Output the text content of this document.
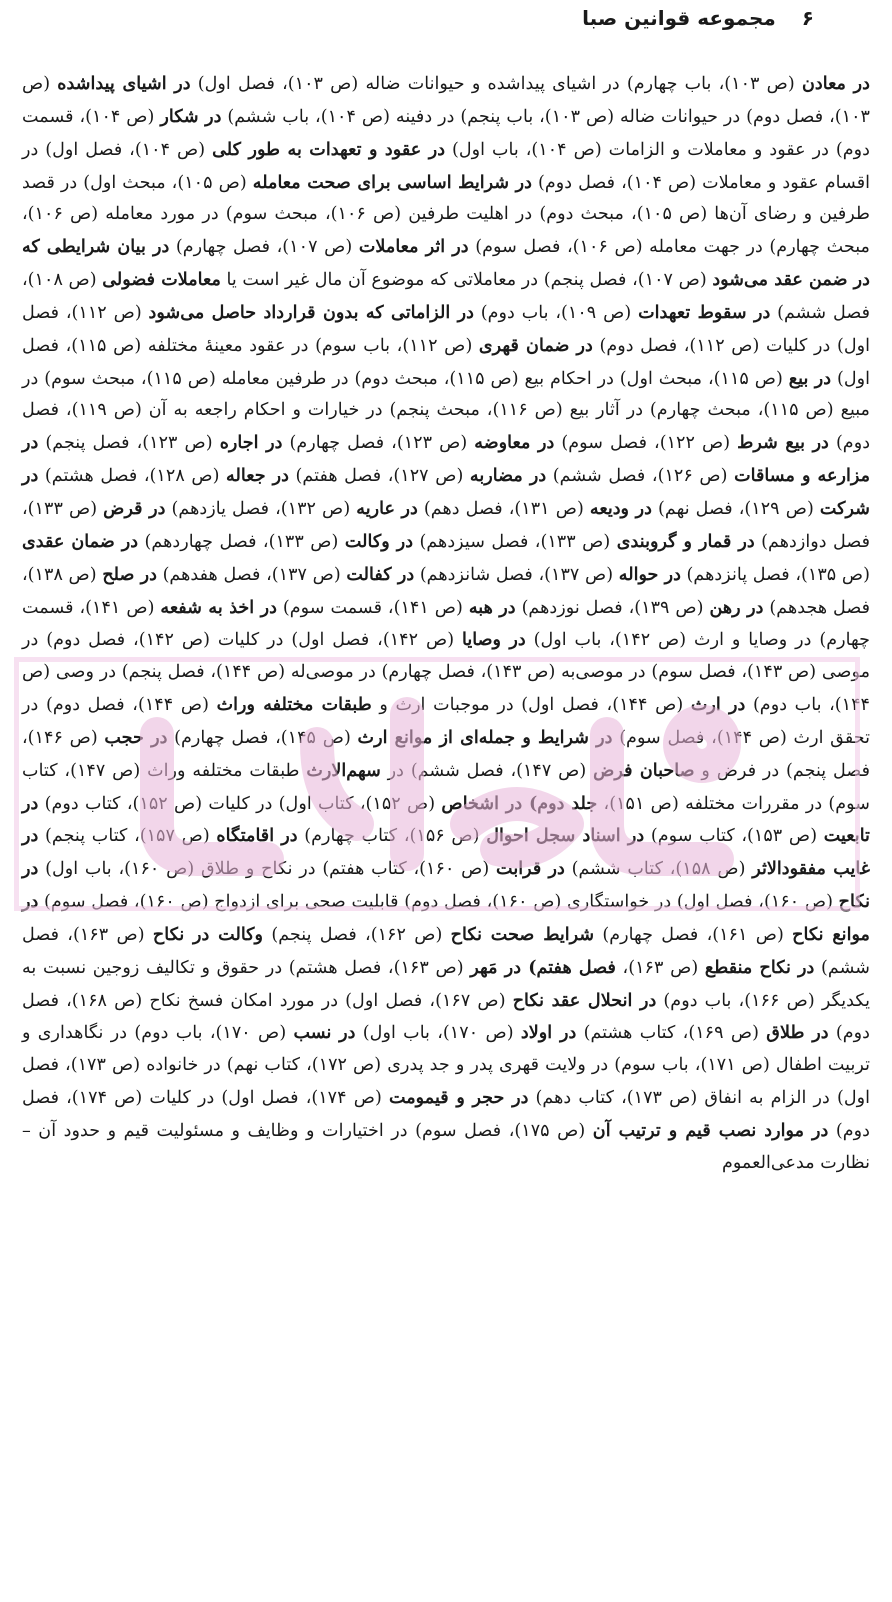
۶
مجموعه قوانین صبا

در معادن (ص ۱۰۳)، باب چهارم) در اشیای پیداشده و حیوانات ضاله (ص ۱۰۳)، فصل اول) در اشیای پیداشده (ص ۱۰۳)، فصل دوم) در حیوانات ضاله (ص ۱۰۳)، باب پنجم) در دفینه (ص ۱۰۴)، باب ششم) در شکار (ص ۱۰۴)، قسمت دوم) در عقود و معاملات و الزامات (ص ۱۰۴)، باب اول) در عقود و تعهدات به طور کلی (ص ۱۰۴)، فصل اول) در اقسام عقود و معاملات (ص ۱۰۴)، فصل دوم) در شرایط اساسی برای صحت معامله (ص ۱۰۵)، مبحث اول) در قصد طرفین و رضای آن‌ها (ص ۱۰۵)، مبحث دوم) در اهلیت طرفین (ص ۱۰۶)، مبحث سوم) در مورد معامله (ص ۱۰۶)، مبحث چهارم) در جهت معامله (ص ۱۰۶)، فصل سوم) در اثر معاملات (ص ۱۰۷)، فصل چهارم) در بیان شرایطی که در ضمن عقد می‌شود (ص ۱۰۷)، فصل پنجم) در معاملاتی که موضوع آن مال غیر است یا معاملات فضولی (ص ۱۰۸)، فصل ششم) در سقوط تعهدات (ص ۱۰۹)، باب دوم) در الزاماتی که بدون قرارداد حاصل می‌شود (ص ۱۱۲)، فصل اول) در کلیات (ص ۱۱۲)، فصل دوم) در ضمان قهری (ص ۱۱۲)، باب سوم) در عقود معینهٔ مختلفه (ص ۱۱۵)، فصل اول) در بیع (ص ۱۱۵)، مبحث اول) در احکام بیع (ص ۱۱۵)، مبحث دوم) در طرفین معامله (ص ۱۱۵)، مبحث سوم) در مبیع (ص ۱۱۵)، مبحث چهارم) در آثار بیع (ص ۱۱۶)، مبحث پنجم) در خیارات و احکام راجعه به آن (ص ۱۱۹)، فصل دوم) در بیع شرط (ص ۱۲۲)، فصل سوم) در معاوضه (ص ۱۲۳)، فصل چهارم) در اجاره (ص ۱۲۳)، فصل پنجم) در مزارعه و مساقات (ص ۱۲۶)، فصل ششم) در مضاربه (ص ۱۲۷)، فصل هفتم) در جعاله (ص ۱۲۸)، فصل هشتم) در شرکت (ص ۱۲۹)، فصل نهم) در ودیعه (ص ۱۳۱)، فصل دهم) در عاریه (ص ۱۳۲)، فصل یازدهم) در قرض (ص ۱۳۳)، فصل دوازدهم) در قمار و گروبندی (ص ۱۳۳)، فصل سیزدهم) در وکالت (ص ۱۳۳)، فصل چهاردهم) در ضمان عقدی (ص ۱۳۵)، فصل پانزدهم) در حواله (ص ۱۳۷)، فصل شانزدهم) در کفالت (ص ۱۳۷)، فصل هفدهم) در صلح (ص ۱۳۸)، فصل هجدهم) در رهن (ص ۱۳۹)، فصل نوزدهم) در هبه (ص ۱۴۱)، قسمت سوم) در اخذ به شفعه (ص ۱۴۱)، قسمت چهارم) در وصایا و ارث (ص ۱۴۲)، باب اول) در وصایا (ص ۱۴۲)، فصل اول) در کلیات (ص ۱۴۲)، فصل دوم) در موصی (ص ۱۴۳)، فصل سوم) در موصی‌به (ص ۱۴۳)، فصل چهارم) در موصی‌له (ص ۱۴۴)، فصل پنجم) در وصی (ص ۱۴۴)، باب دوم) در ارث (ص ۱۴۴)، فصل اول) در موجبات ارث و طبقات مختلفه وراث (ص ۱۴۴)، فصل دوم) در تحقق ارث (ص ۱۴۴)، فصل سوم) در شرایط و جمله‌ای از موانع ارث (ص ۱۴۵)، فصل چهارم) در حجب (ص ۱۴۶)، فصل پنجم) در فرض و صاحبان فرض (ص ۱۴۷)، فصل ششم) در سهم‌الارث طبقات مختلفه وراث (ص ۱۴۷)، کتاب سوم) در مقررات مختلفه (ص ۱۵۱)، جلد دوم) در اشخاص (ص ۱۵۲)، کتاب اول) در کلیات (ص ۱۵۲)، کتاب دوم) در تابعیت (ص ۱۵۳)، کتاب سوم) در اسناد سجل احوال (ص ۱۵۶)، کتاب چهارم) در اقامتگاه (ص ۱۵۷)، کتاب پنجم) در غایب مفقودالاثر (ص ۱۵۸)، کتاب ششم) در قرابت (ص ۱۶۰)، کتاب هفتم) در نکاح و طلاق (ص ۱۶۰)، باب اول) در نکاح (ص ۱۶۰)، فصل اول) در خواستگاری (ص ۱۶۰)، فصل دوم) قابلیت صحی برای ازدواج (ص ۱۶۰)، فصل سوم) در موانع نکاح (ص ۱۶۱)، فصل چهارم) شرایط صحت نکاح (ص ۱۶۲)، فصل پنجم) وکالت در نکاح (ص ۱۶۳)، فصل ششم) در نکاح منقطع (ص ۱۶۳)، فصل هفتم) در مَهر (ص ۱۶۳)، فصل هشتم) در حقوق و تکالیف زوجین نسبت به یکدیگر (ص ۱۶۶)، باب دوم) در انحلال عقد نکاح (ص ۱۶۷)، فصل اول) در مورد امکان فسخ نکاح (ص ۱۶۸)، فصل دوم) در طلاق (ص ۱۶۹)، کتاب هشتم) در اولاد (ص ۱۷۰)، باب اول) در نسب (ص ۱۷۰)، باب دوم) در نگاهداری و تربیت اطفال (ص ۱۷۱)، باب سوم) در ولایت قهری پدر و جد پدری (ص ۱۷۲)، کتاب نهم) در خانواده (ص ۱۷۳)، فصل اول) در الزام به انفاق (ص ۱۷۳)، کتاب دهم) در حجر و قیمومت (ص ۱۷۴)، فصل اول) در کلیات (ص ۱۷۴)، فصل دوم) در موارد نصب قیم و ترتیب آن (ص ۱۷۵)، فصل سوم) در اختیارات و وظایف و مسئولیت قیم و حدود آن – نظارت مدعی‌العموم
